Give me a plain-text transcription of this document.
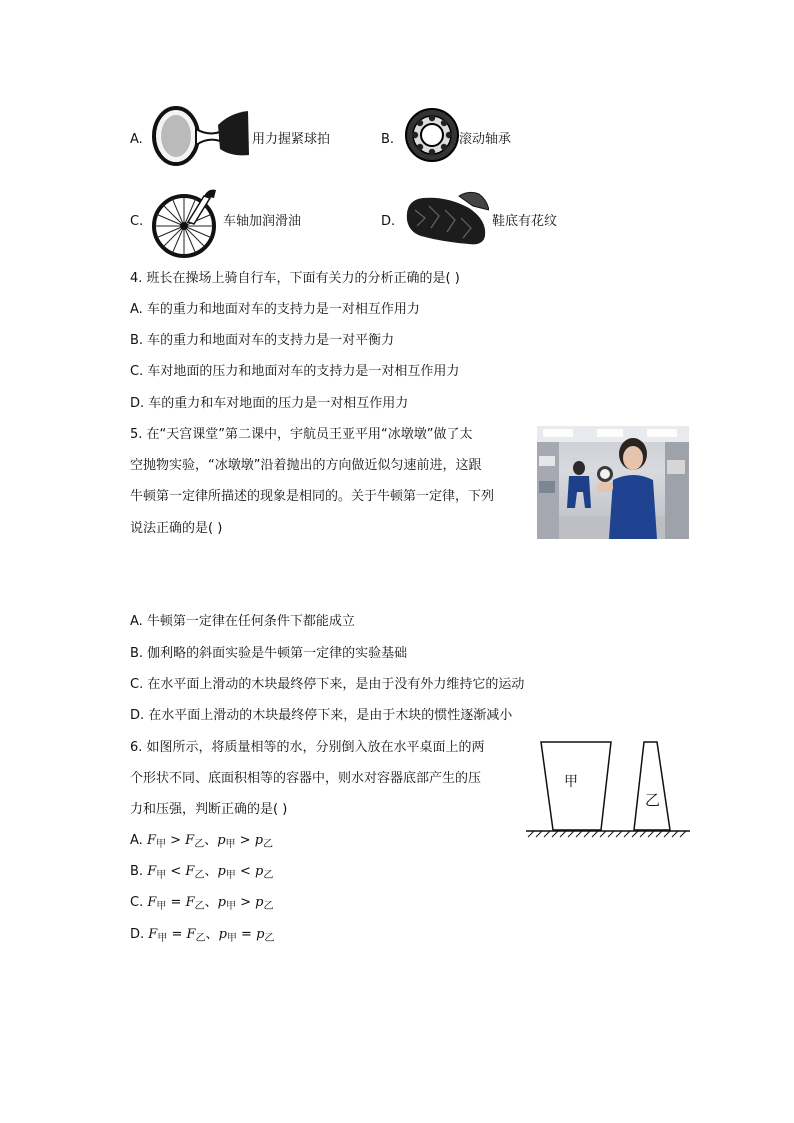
A.	用力握紧球拍	B.	滚动轴承
C.	车轴加润滑油	D.	鞋底有花纹
4. 班长在操场上骑自行车，下面有关力的分析正确的是( )
A. 车的重力和地面对车的支持力是一对相互作用力
B. 车的重力和地面对车的支持力是一对平衡力
C. 车对地面的压力和地面对车的支持力是一对相互作用力
D. 车的重力和车对地面的压力是一对相互作用力
5. 在“天宫课堂”第二课中，宇航员王亚平用“冰墩墩”做了太
空抛物实验，“冰墩墩”沿着抛出的方向做近似匀速前进，这跟
牛顿第一定律所描述的现象是相同的。关于牛顿第一定律，下列
说法正确的是( )
A. 牛顿第一定律在任何条件下都能成立
B. 伽利略的斜面实验是牛顿第一定律的实验基础
C. 在水平面上滑动的木块最终停下来，是由于没有外力维持它的运动
D. 在水平面上滑动的木块最终停下来，是由于木块的惯性逐渐减小
6. 如图所示，将质量相等的水，分别倒入放在水平桌面上的两
个形状不同、底面积相等的容器中，则水对容器底部产生的压
力和压强，判断正确的是( )
甲
乙
A. $F_甲 > F_乙$、$p_甲 > p_乙$
B. $F_甲 < F_乙$、$p_甲 < p_乙$
C. $F_甲 = F_乙$、$p_甲 > p_乙$
D. $F_甲 = F_乙$、$p_甲 = p_乙$
